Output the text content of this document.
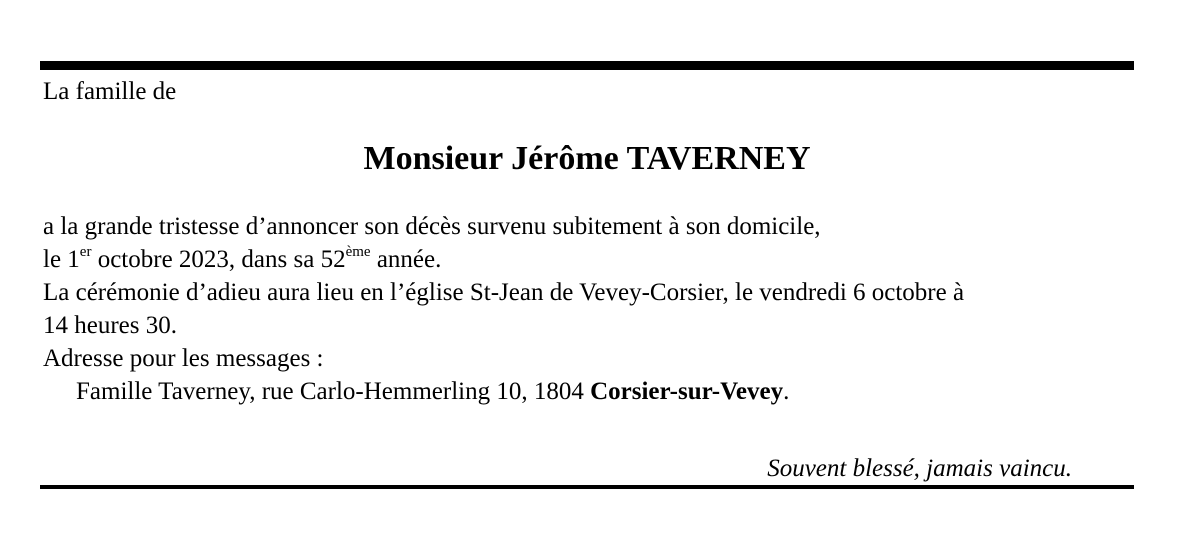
La famille de
Monsieur Jérôme TAVERNEY
a la grande tristesse d’annoncer son décès survenu subitement à son domicile,
le 1er octobre 2023, dans sa 52ème année.
La cérémonie d’adieu aura lieu en l’église St-Jean de Vevey-Corsier, le vendredi 6 octobre à
14 heures 30.
Adresse pour les messages :
Famille Taverney, rue Carlo-Hemmerling 10, 1804 Corsier-sur-Vevey.
Souvent blessé, jamais vaincu.
